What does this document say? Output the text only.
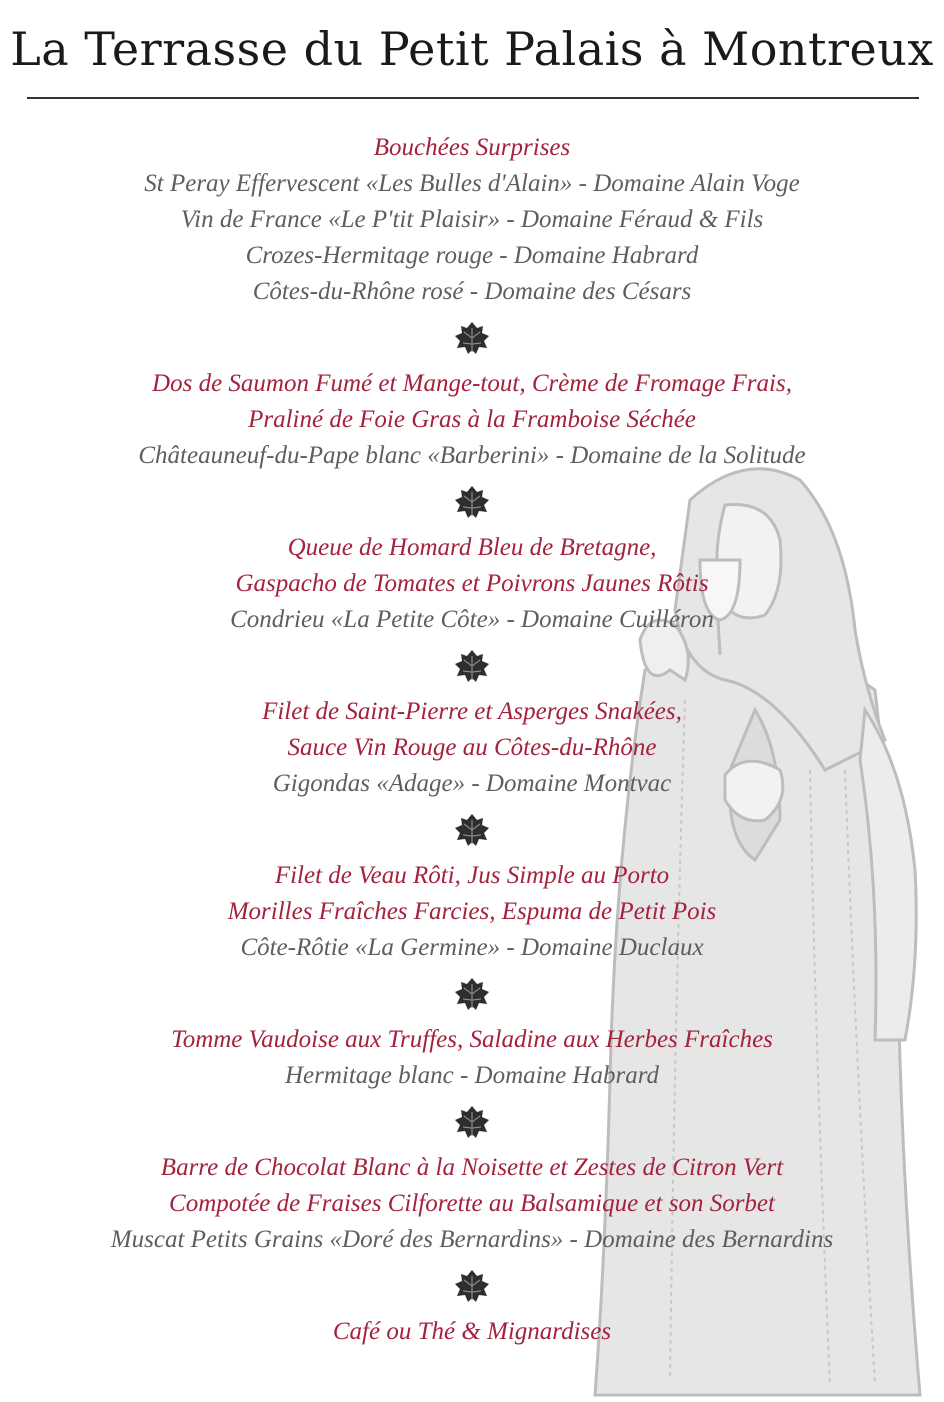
La Terrasse du Petit Palais à Montreux

Bouchées Surprises

St Peray Effervescent «Les Bulles d'Alain» - Domaine Alain Voge

Vin de France «Le P'tit Plaisir» - Domaine Féraud & Fils

Crozes-Hermitage rouge - Domaine Habrard

Côtes-du-Rhône rosé - Domaine des Césars

Dos de Saumon Fumé et Mange-tout, Crème de Fromage Frais,

Praliné de Foie Gras à la Framboise Séchée

Châteauneuf-du-Pape blanc «Barberini» - Domaine de la Solitude

Queue de Homard Bleu de Bretagne,

Gaspacho de Tomates et Poivrons Jaunes Rôtis

Condrieu «La Petite Côte» - Domaine Cuilléron

Filet de Saint-Pierre et Asperges Snakées,

Sauce Vin Rouge au Côtes-du-Rhône

Gigondas «Adage» - Domaine Montvac

Filet de Veau Rôti, Jus Simple au Porto

Morilles Fraîches Farcies, Espuma de Petit Pois

Côte-Rôtie «La Germine» - Domaine Duclaux

Tomme Vaudoise aux Truffes, Saladine aux Herbes Fraîches

Hermitage blanc - Domaine Habrard

Barre de Chocolat Blanc à la Noisette et Zestes de Citron Vert

Compotée de Fraises Cilforette au Balsamique et son Sorbet

Muscat Petits Grains «Doré des Bernardins» - Domaine des Bernardins

Café ou Thé & Mignardises
